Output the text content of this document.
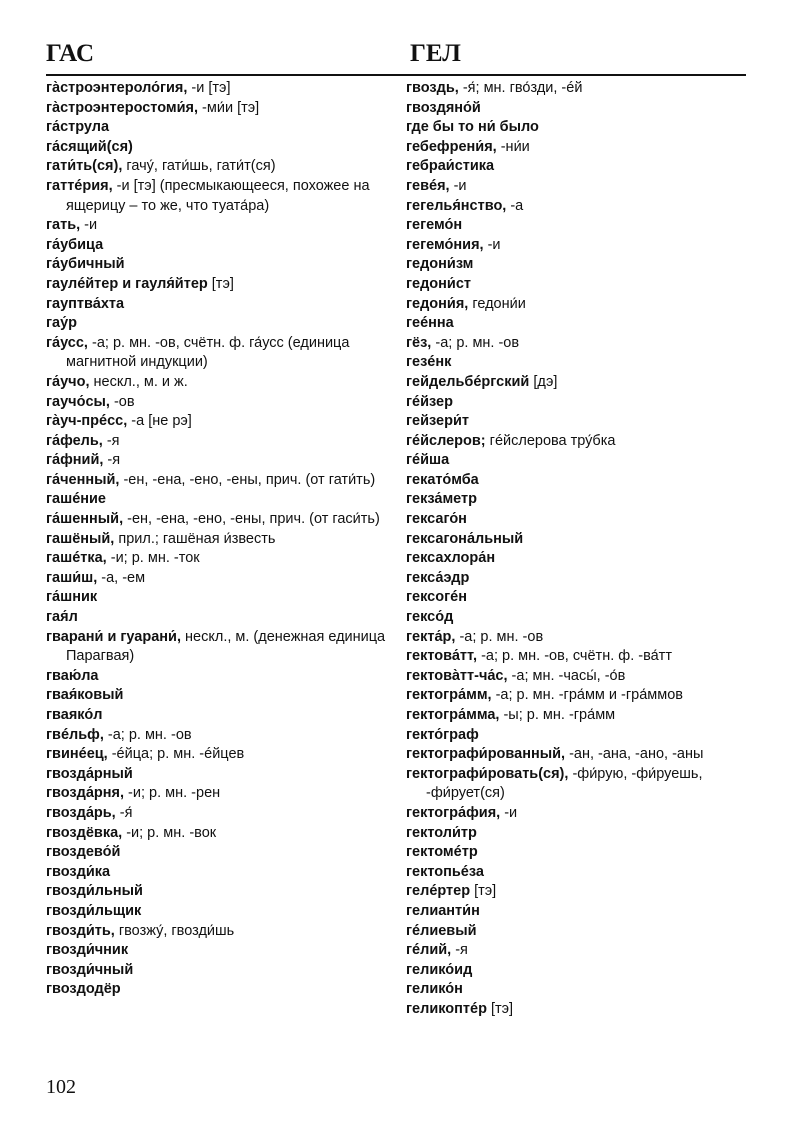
ГАС	ГЕЛ
га̀строэнтероло́гия, -и [тэ]
га̀строэнтеростоми́я, -ми́и [тэ]
га́струла
га́сящий(ся)
гати́ть(ся), гачу́, гати́шь, гати́т(ся)
гаттéрия, -и [тэ] (пресмыкающееся, похожее на ящерицу – то же, что туата́ра)
гать, -и
га́убица
га́убичный
гаулéйтер и гауля́йтер [тэ]
гауптва́хта
гау́р
га́усс, -а; р. мн. -ов, счётн. ф. га́усс (единица магнитной индукции)
га́учо, нескл., м. и ж.
гаучо́сы, -ов
га̀уч-прéсс, -а [не рэ]
га́фель, -я
га́фний, -я
га́ченный, -ен, -ена, -ено, -ены, прич. (от гати́ть)
гашéние
га́шенный, -ен, -ена, -ено, -ены, прич. (от гаси́ть)
гашёный, прил.; гашёная и́звесть
гашéтка, -и; р. мн. -ток
гаши́ш, -а, -ем
га́шник
гая́л
гварани́ и гуарани́, нескл., м. (денежная единица Парагвая)
гваю́ла
гвая́ковый
гваяко́л
гвéльф, -а; р. мн. -ов
гвинéец, -éйца; р. мн. -éйцев
гвозда́рный
гвозда́рня, -и; р. мн. -рен
гвозда́рь, -я́
гвоздёвка, -и; р. мн. -вок
гвоздево́й
гвозди́ка
гвозди́льный
гвозди́льщик
гвозди́ть, гвозжу́, гвозди́шь
гвозди́чник
гвозди́чный
гвоздодёр
гвоздь, -я́; мн. гво́зди, -éй
гвоздяно́й
где бы то ни́ было
гебефрени́я, -ни́и
гебраи́стика
гевéя, -и
гегелья́нство, -а
гегемо́н
гегемо́ния, -и
гедони́зм
гедони́ст
гедони́я, гедони́и
гeéнна
гёз, -а; р. мн. -ов
гезéнк
гейдельбéргский [дэ]
гéйзер
гейзери́т
гéйслеров; гéйслерова тру́бка
гéйша
гекато́мба
гекза́метр
гексаго́н
гексагона́льный
гексахлора́н
гекса́эдр
гексогéн
гексо́д
гекта́р, -а; р. мн. -ов
гектова́тт, -а; р. мн. -ов, счётн. ф. -ва́тт
гектова̀тт-ча́с, -а; мн. -часы́, -о́в
гектогра́мм, -а; р. мн. -гра́мм и -гра́ммов
гектогра́мма, -ы; р. мн. -гра́мм
гекто́граф
гектографи́рованный, -ан, -ана, -ано, -аны
гектографи́ровать(ся), -фи́рую, -фи́руешь, -фи́рует(ся)
гектогра́фия, -и
гектоли́тр
гектомéтр
гектопьéза
гелéртер [тэ]
гелианти́н
гéлиевый
гéлий, -я
гелико́ид
гелико́н
геликоптéр [тэ]
102
